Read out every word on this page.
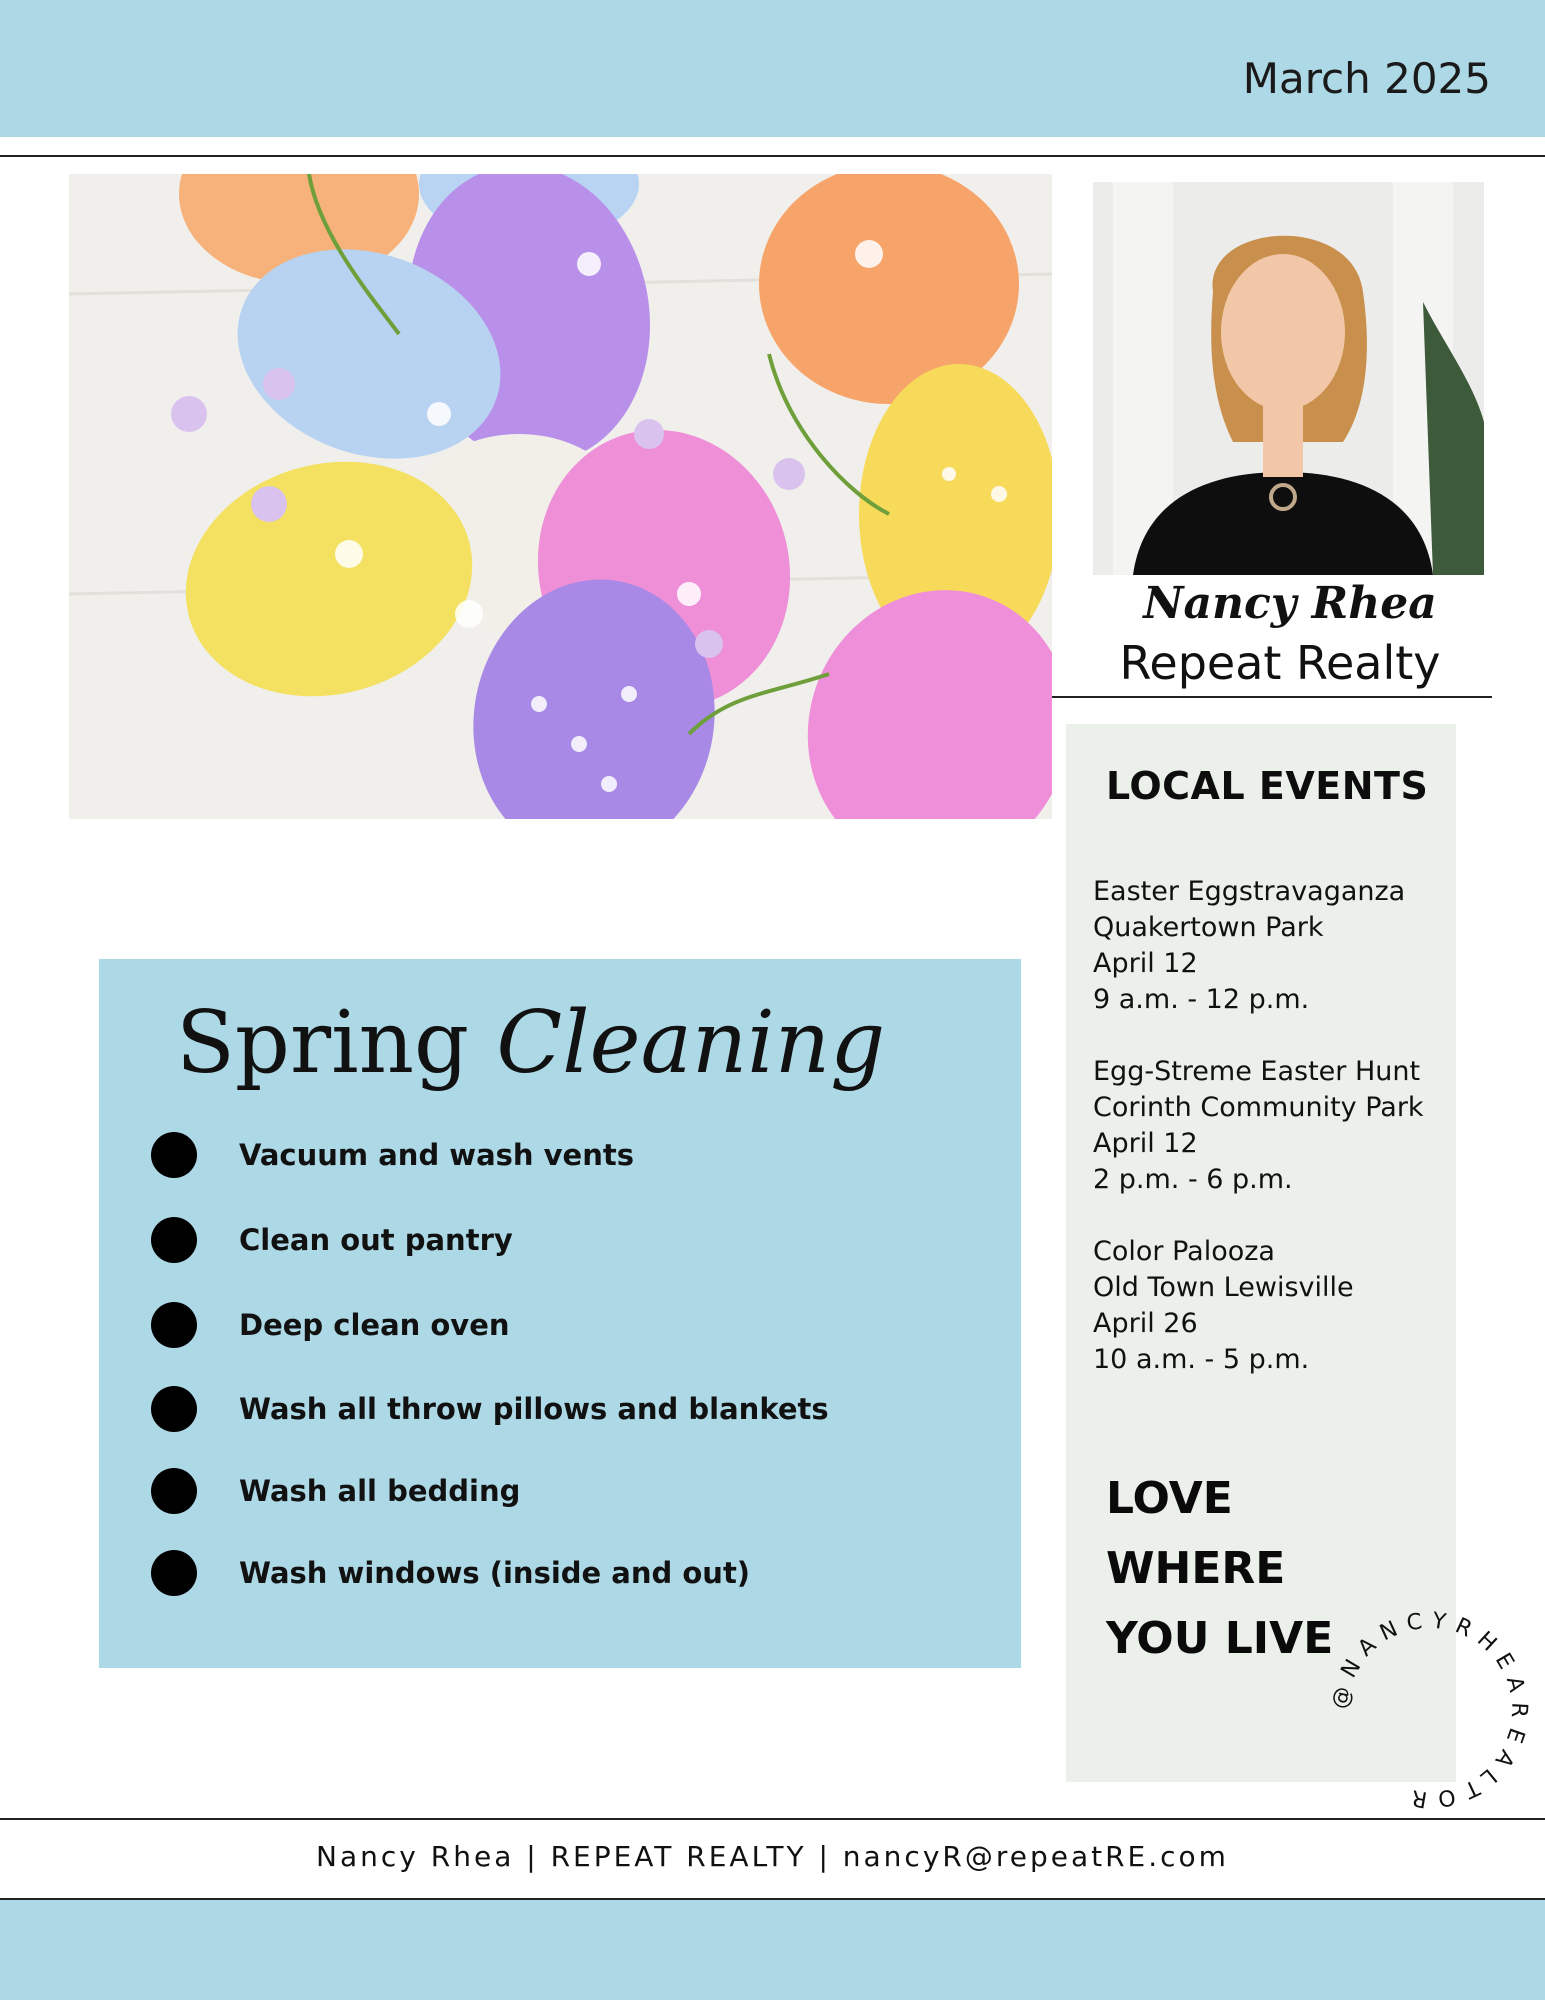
March 2025
Nancy Rhea
Repeat Realty
LOCAL EVENTS
Easter Eggstravaganza
Quakertown Park
April 12
9 a.m. - 12 p.m.
Egg-Streme Easter Hunt
Corinth Community Park
April 12
2 p.m. - 6 p.m.
Color Palooza
Old Town Lewisville
April 26
10 a.m. - 5 p.m.
LOVE
WHERE
YOU LIVE
@NANCYRHEAREALTOR
Spring Cleaning
Vacuum and wash vents
Clean out pantry
Deep clean oven
Wash all throw pillows and blankets
Wash all bedding
Wash windows (inside and out)
Nancy Rhea | REPEAT REALTY | nancyR@repeatRE.com
